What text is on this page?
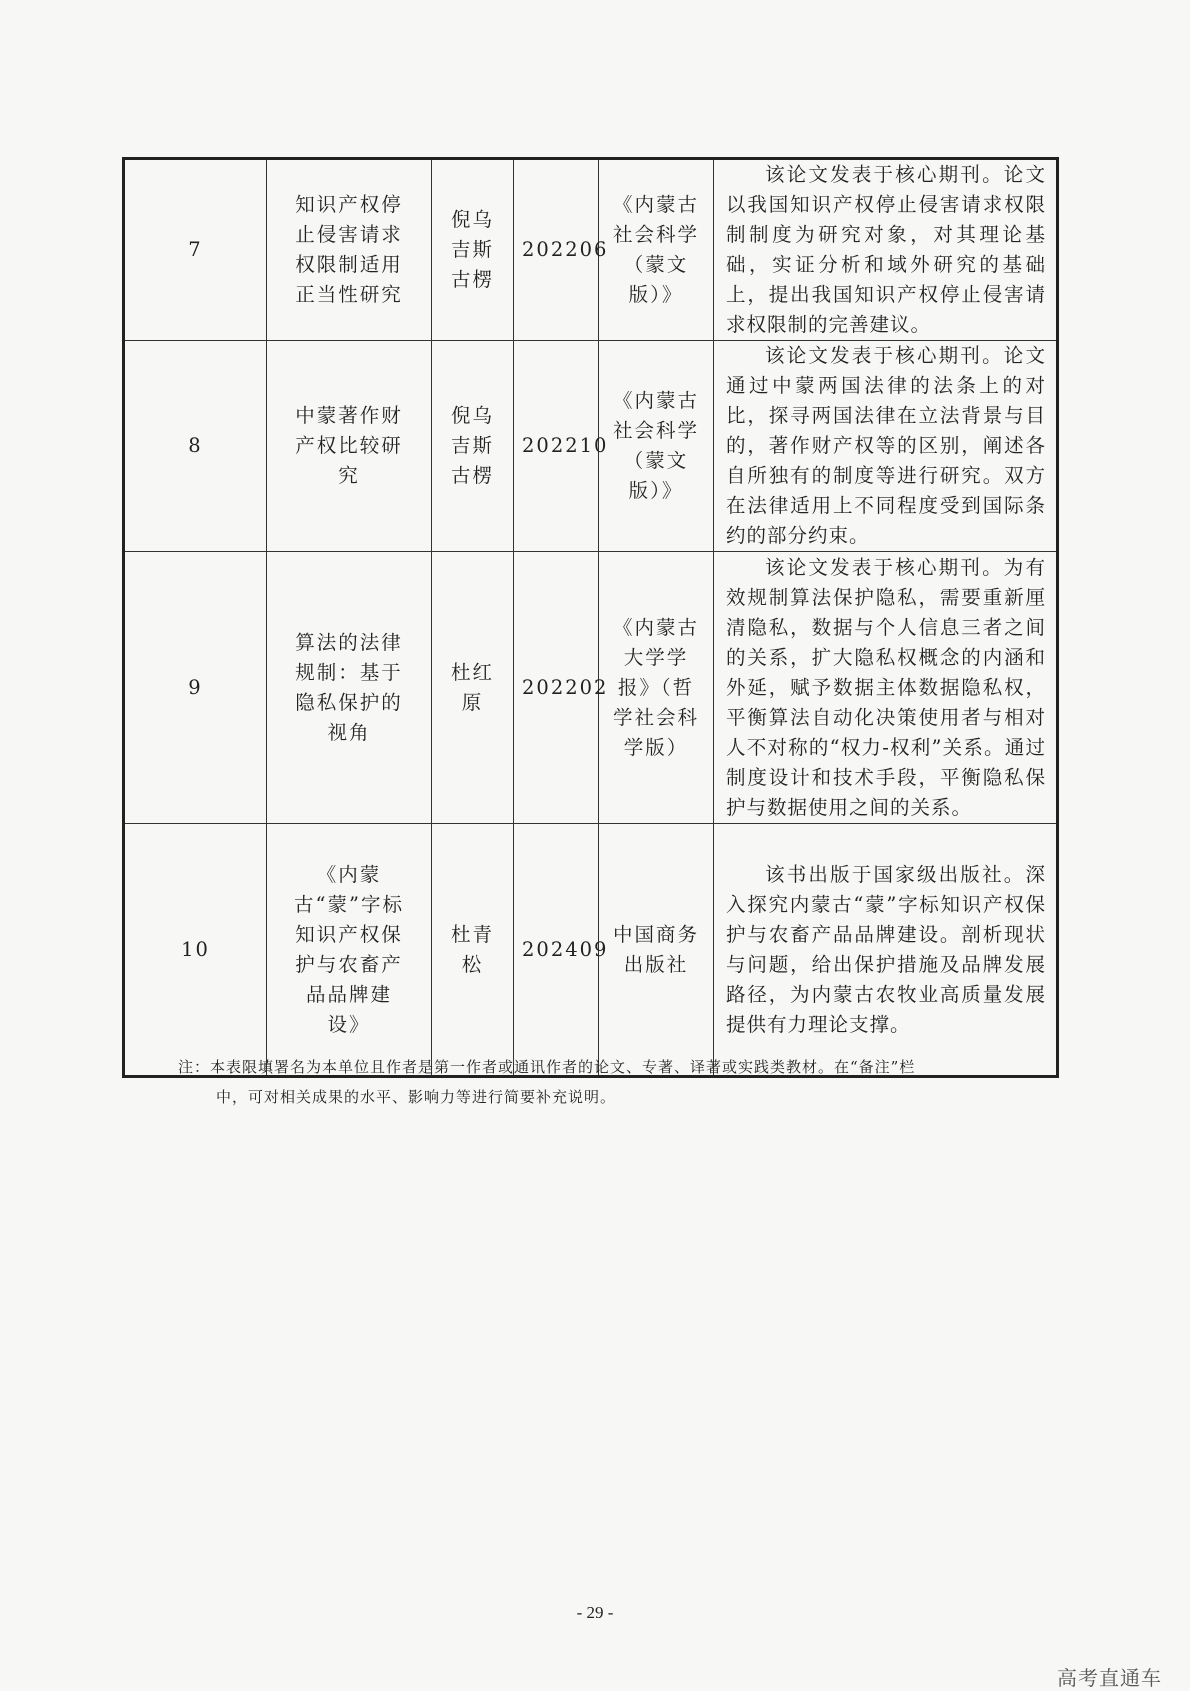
7	知识产权停止侵害请求权限制适用正当性研究	倪乌吉斯古楞	202206	《内蒙古社会科学（蒙文版）》	该论文发表于核心期刊。论文以我国知识产权停止侵害请求权限制制度为研究对象，对其理论基础，实证分析和域外研究的基础上，提出我国知识产权停止侵害请求权限制的完善建议。

8	中蒙著作财产权比较研究	倪乌吉斯古楞	202210	《内蒙古社会科学（蒙文版）》	该论文发表于核心期刊。论文通过中蒙两国法律的法条上的对比，探寻两国法律在立法背景与目的，著作财产权等的区别，阐述各自所独有的制度等进行研究。双方在法律适用上不同程度受到国际条约的部分约束。

9	算法的法律规制：基于隐私保护的视角	杜红原	202202	《内蒙古大学学报》（哲学社会科学版）	该论文发表于核心期刊。为有效规制算法保护隐私，需要重新厘清隐私，数据与个人信息三者之间的关系，扩大隐私权概念的内涵和外延，赋予数据主体数据隐私权，平衡算法自动化决策使用者与相对人不对称的“权力-权利”关系。通过制度设计和技术手段，平衡隐私保护与数据使用之间的关系。

10	《内蒙古“蒙”字标知识产权保护与农畜产品品牌建设》	杜青松	202409	中国商务出版社	该书出版于国家级出版社。深入探究内蒙古“蒙”字标知识产权保护与农畜产品品牌建设。剖析现状与问题，给出保护措施及品牌发展路径，为内蒙古农牧业高质量发展提供有力理论支撑。
注：本表限填署名为本单位且作者是第一作者或通讯作者的论文、专著、译著或实践类教材。在“备注”栏
中，可对相关成果的水平、影响力等进行简要补充说明。
- 29 -
高考直通车
